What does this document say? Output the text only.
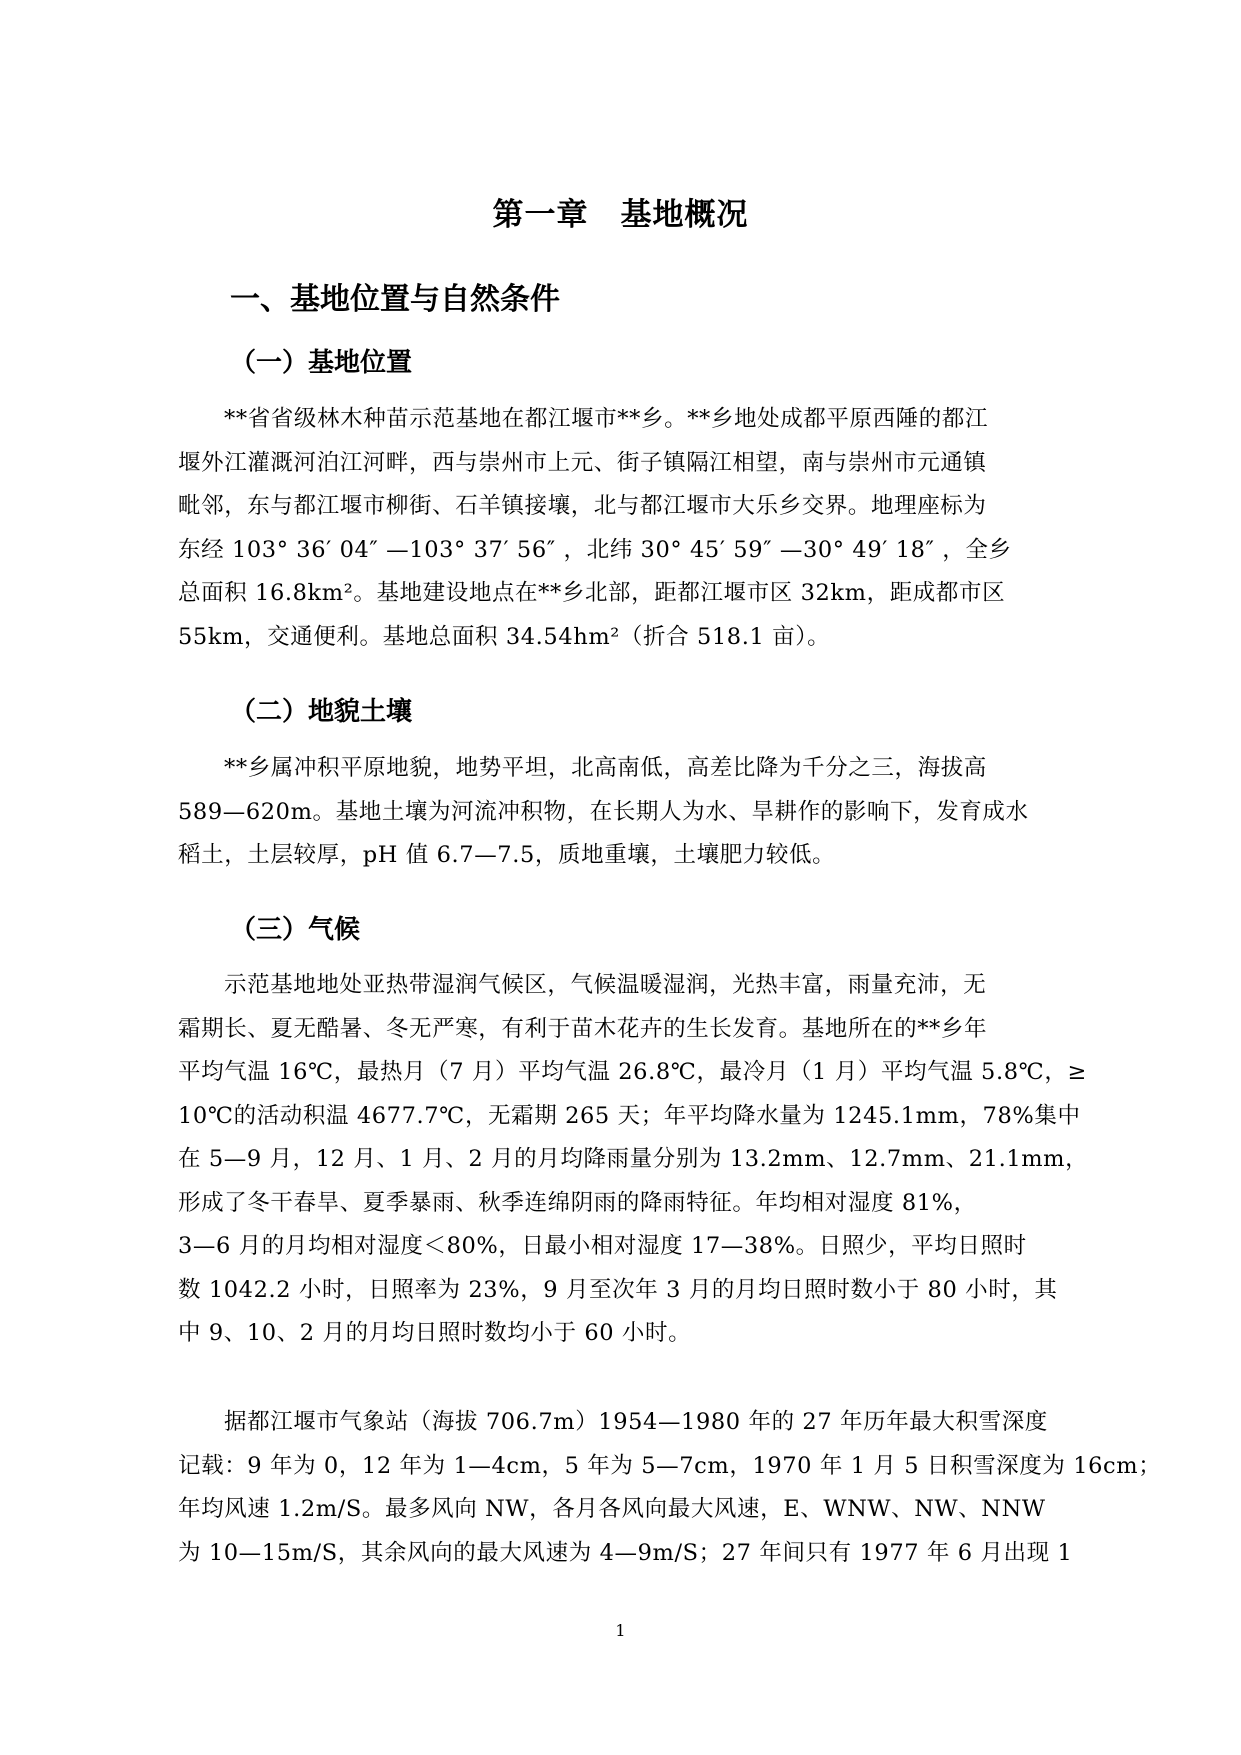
第一章　基地概况
一、基地位置与自然条件
（一）基地位置
**省省级林木种苗示范基地在都江堰市**乡。**乡地处成都平原西陲的都江
堰外江灌溉河泊江河畔，西与崇州市上元、街子镇隔江相望，南与崇州市元通镇
毗邻，东与都江堰市柳街、石羊镇接壤，北与都江堰市大乐乡交界。地理座标为
东经 103° 36′ 04″ —103° 37′ 56″ ，北纬 30° 45′ 59″ —30° 49′ 18″ ，全乡
总面积 16.8km²。基地建设地点在**乡北部，距都江堰市区 32km，距成都市区
55km，交通便利。基地总面积 34.54hm²（折合 518.1 亩）。
（二）地貌土壤
**乡属冲积平原地貌，地势平坦，北高南低，高差比降为千分之三，海拔高
589—620m。基地土壤为河流冲积物，在长期人为水、旱耕作的影响下，发育成水
稻土，土层较厚，pH 值 6.7—7.5，质地重壤，土壤肥力较低。
（三）气候
示范基地地处亚热带湿润气候区，气候温暖湿润，光热丰富，雨量充沛，无
霜期长、夏无酷暑、冬无严寒，有利于苗木花卉的生长发育。基地所在的**乡年
平均气温 16℃，最热月（7 月）平均气温 26.8℃，最冷月（1 月）平均气温 5.8℃，≥
10℃的活动积温 4677.7℃，无霜期 265 天；年平均降水量为 1245.1mm，78%集中
在 5—9 月，12 月、1 月、2 月的月均降雨量分别为 13.2mm、12.7mm、21.1mm，
形成了冬干春旱、夏季暴雨、秋季连绵阴雨的降雨特征。年均相对湿度 81%，
3—6 月的月均相对湿度＜80%，日最小相对湿度 17—38%。日照少，平均日照时
数 1042.2 小时，日照率为 23%，9 月至次年 3 月的月均日照时数小于 80 小时，其
中 9、10、2 月的月均日照时数均小于 60 小时。
据都江堰市气象站（海拔 706.7m）1954—1980 年的 27 年历年最大积雪深度
记载：9 年为 0，12 年为 1—4cm，5 年为 5—7cm，1970 年 1 月 5 日积雪深度为 16cm；
年均风速 1.2m/S。最多风向 NW，各月各风向最大风速，E、WNW、NW、NNW
为 10—15m/S，其余风向的最大风速为 4—9m/S；27 年间只有 1977 年 6 月出现 1
1
